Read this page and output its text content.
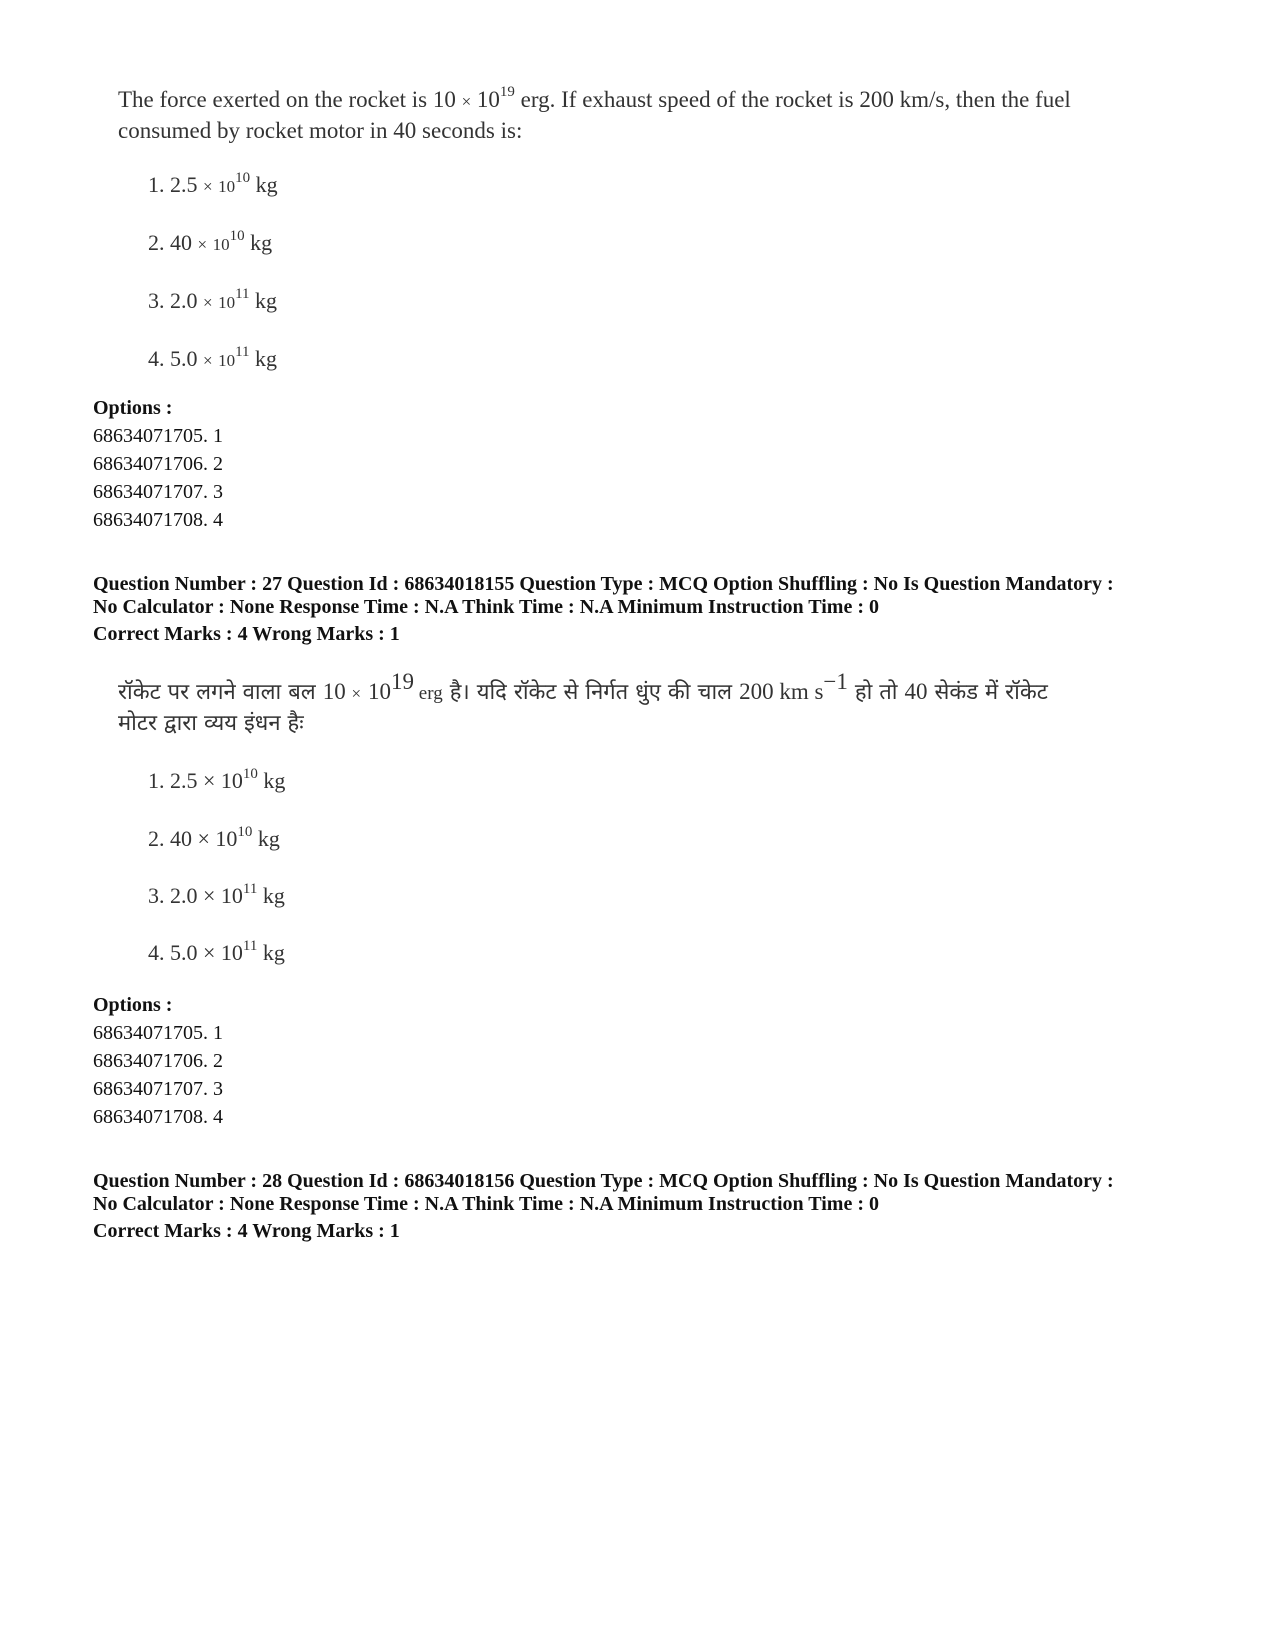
The force exerted on the rocket is $10 \times 10^{19}$ erg. If exhaust speed of the rocket is 200 km/s, then the fuel
consumed by rocket motor in 40 seconds is:
1. $2.5 \times 10^{10}$ kg
2. $40 \times 10^{10}$ kg
3. $2.0 \times 10^{11}$ kg
4. $5.0 \times 10^{11}$ kg
Options :
68634071705. 1
68634071706. 2
68634071707. 3
68634071708. 4
Question Number : 27 Question Id : 68634018155 Question Type : MCQ Option Shuffling : No Is Question Mandatory :
No Calculator : None Response Time : N.A Think Time : N.A Minimum Instruction Time : 0
Correct Marks : 4 Wrong Marks : 1
रॉकेट पर लगने वाला बल $10 \times 10^{19}$ erg है। यदि रॉकेट से निर्गत धुंए की चाल 200 km $s^{-1}$ हो तो 40 सेकंड में रॉकेट
मोटर द्वारा व्यय इंधन हैः
1. $2.5 \times 10^{10}$ kg
2. $40 \times 10^{10}$ kg
3. $2.0 \times 10^{11}$ kg
4. $5.0 \times 10^{11}$ kg
Options :
68634071705. 1
68634071706. 2
68634071707. 3
68634071708. 4
Question Number : 28 Question Id : 68634018156 Question Type : MCQ Option Shuffling : No Is Question Mandatory :
No Calculator : None Response Time : N.A Think Time : N.A Minimum Instruction Time : 0
Correct Marks : 4 Wrong Marks : 1
